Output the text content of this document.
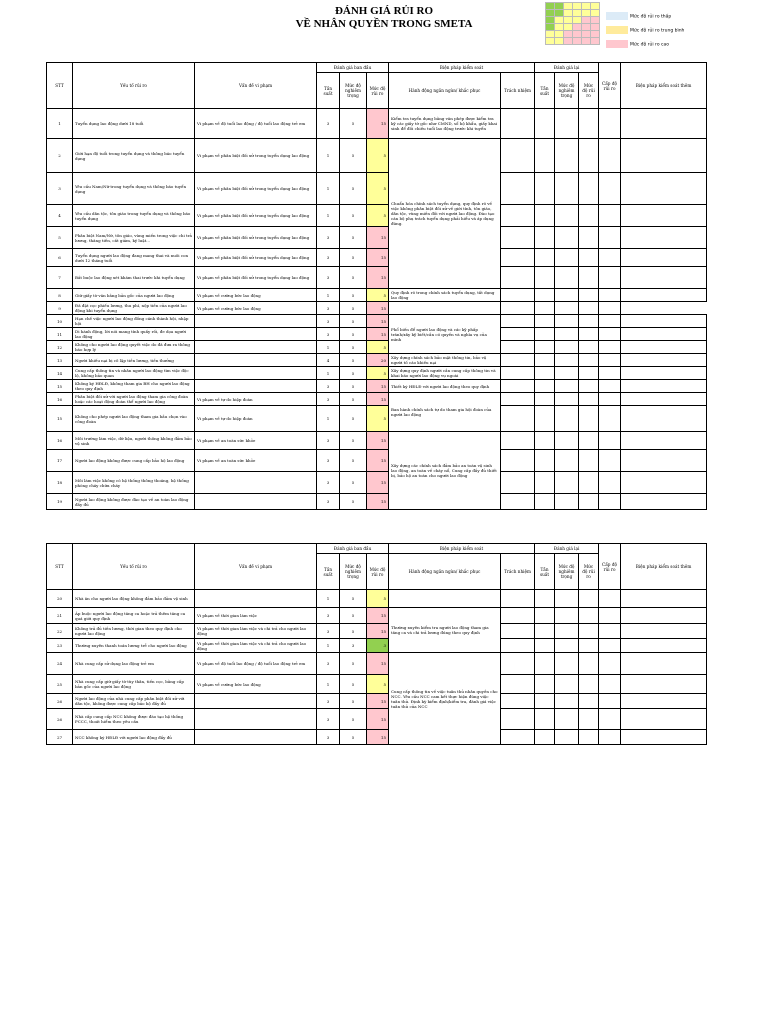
ĐÁNH GIÁ RỦI RO
VỀ NHÂN QUYỀN TRONG SMETA

Mức độ rủi ro thấp
Mức độ rủi ro trung bình
Mức độ rủi ro cao
STT	Yếu tố rủi ro	Vấn đề vi phạm	Đánh giá ban đầu			Biện pháp kiểm soát		Đánh giá lại			Cấp độ rủi ro	Biện pháp kiểm soát thêm
			Tần suất	Mức độ nghiêm trọng	Mức độ rủi ro	Hành động ngăn ngừa/ khắc phục	Trách nhiệm	Tần suất	Mức độ nghiêm trọng	Mức độ rủi ro		
1	Tuyển dụng lao động dưới 18 tuổi	Vi phạm về độ tuổi lao động / độ tuổi lao động trẻ em	3	5	15	Kiểm tra tuyển dụng bằng văn phép được kiểm tra kỹ các giấy tờ gốc như CMND, sổ hộ khẩu, giấy khai sinh để đối chiếu tuổi lao động trước khi tuyển						
2	Giới hạn độ tuổi trong tuyển dụng và thông báo tuyển dụng	Vi phạm về phân biệt đối xử trong tuyển dụng lao động	1	5	5	Chuẩn hóa chính sách tuyển dụng, quy định rõ về việc không phân biệt đối xử về giới tính, tôn giáo, dân tộc, vùng miền đối với người lao động. Đào tạo cán bộ phụ trách tuyển dụng phải hiểu và áp dụng đúng.						
3	Yêu cầu Nam/Nữ trong tuyển dụng và thông báo tuyển dụng	Vi phạm về phân biệt đối xử trong tuyển dụng lao động	1	5	5							
4	Yêu cầu dân tộc, tôn giáo trong tuyển dụng và thông báo tuyển dụng	Vi phạm về phân biệt đối xử trong tuyển dụng lao động	1	5	5							
5	Phân biệt Nam/Nữ, tôn giáo, vùng miền trong việc chi trả lương, thăng tiến, cắt giảm, kỷ luật...	Vi phạm về phân biệt đối xử trong tuyển dụng lao động	3	5	15							
6	Tuyển dụng người lao động đang mang thai và nuôi con dưới 12 tháng tuổi	Vi phạm về phân biệt đối xử trong tuyển dụng lao động	3	5	15							
7	Bắt buộc lao động xét khám thai trước khi tuyển dụng	Vi phạm về phân biệt đối xử trong tuyển dụng lao động	3	5	15							
8	Giữ giấy tờ văn bằng bản gốc của người lao động	Vi phạm về cưỡng bức lao động	1	5	5	Quy định rõ trong chính sách tuyển dụng, tất dụng lao động						
9	Đã đặt cọc phiếu lương, thu phí, nộp tiền của người lao động khi tuyển dụng	Vi phạm về cưỡng bức lao động	3	5	15							
10	Hạn chế việc người lao động đống cánh thành hội, nhập hội		3	5	15	Phổ biến để người lao động và các kỹ phấp tránh/xây kỹ biết/cần có quyền và nghĩa vụ của mình						
11	Di hành động, lời nói mang tính quấy rối, đe dọa người lao động		3	5	15							
12	Không cho người lao động quyết việc do đã đưa ra thông báo hợp lý		1	5	5							
13	Người khiếu nại bị cô lập tiền lương, tiền thưởng		4	5	20	Xây dựng chính sách bảo mật thông tin, bảo vệ người tố cáo khiếu nại						
14	Cung cấp thông tin và nhân người lao động tìm việc độc lộ, không bảo quan		1	5	5	Xây dựng quy định người cần cung cấp thông tin và khai báo người lao động vụ ngoài						
15	Không ký HĐLĐ, không tham gia BH cho người lao động theo quy định		3	5	15	Thiết ký HĐLĐ với người lao động theo quy định						
16	Phân biệt đối xử với người lao động tham gia công đoàn hoặc các hoạt động đoàn thể người lao động	Vi phạm về tự do hiệp đoàn	3	5	15	Ban hành chính sách tự do tham gia hội đoàn của người lao động						
15	Không cho phép người lao động tham gia bầu chọn vào công đoàn	Vi phạm về tự do hiệp đoàn	1	5	5							
16	Môi trường làm việc, dữ liệu, người thông không đảm bảo vệ sinh	Vi phạm về an toàn sức khỏe	3	5	15	Xây dựng các chính sách đảm bảo an toàn vệ sinh lao động, an toàn về cháy nổ, Cung cấp đầy đủ thiết bị, bảo hộ an toàn cho người lao động						
17	Người lao động không được cung cấp bảo hộ lao động	Vi phạm về an toàn sức khỏe	3	5	15							
18	Môi làm việc không có hệ thống thông thoáng, hệ thống phòng cháy chữa cháy		3	5	15							
19	Người lao động không được đào tạo về an toàn lao động đầy đủ		3	5	15							
STT	Yếu tố rủi ro	Vấn đề vi phạm	Đánh giá ban đầu			Biện pháp kiểm soát		Đánh giá lại			Cấp độ rủi ro	Biện pháp kiểm soát thêm	
			Tần suất	Mức độ nghiêm trọng	Mức độ rủi ro	Hành động ngăn ngừa/ khắc phục	Trách nhiệm	Tần suất	Mức độ nghiêm trọng	Mức độ rủi ro			
20	Nhà ăn cho người lao động không đảm bảo đảm vệ sinh		1	5	5								
21	Áp buộc người lao động tăng ca hoặc trả thêm tăng ca quá giới quy định	Vi phạm về thời gian làm việc	3	5	15	Thường xuyên kiểm tra người lao động tham gia tăng ca và chi trả lương đúng theo quy định							
22	Không trả đủ tiền lương, thời gian theo quy định cho người lao động	Vi phạm về thời gian làm việc và chi trả cho người lao động	3	5	15								
23	Thường xuyên thanh toán lương trễ cho người lao động	Vi phạm về thời gian làm việc và chi trả cho người lao động	1	3	3								
24	Nhà cung cấp sử dụng lao động trẻ em	Vi phạm về độ tuổi lao động / độ tuổi lao động trẻ em	3	5	15	Cung cấp thông tin về việc tuân thủ nhân quyền cho NCC. Yêu cầu NCC cam kết thực hiện đúng việc tuân thủ. Định kỳ kiểm định/kiểm tra, đánh giá việc tuân thủ của NCC							
25	Nhà cung cấp giữ giấy tờ tùy thân, tiền cọc, bằng cấp bản gốc của người lao động	Vi phạm về cưỡng bức lao động	1	5	5								
26	Người lao động của nhà cung cấp phân biệt đối xử với dân tộc, không được cung cấp bảo hộ đầy đủ		3	5	15								
26	Nhà cấp cung cấp NCC không được đào tạo hệ thống PCCC, thoát hiểm theo yêu cầu		3	5	15								
27	NCC không ký HĐLĐ với người lao động đầy đủ		3	5	15								
